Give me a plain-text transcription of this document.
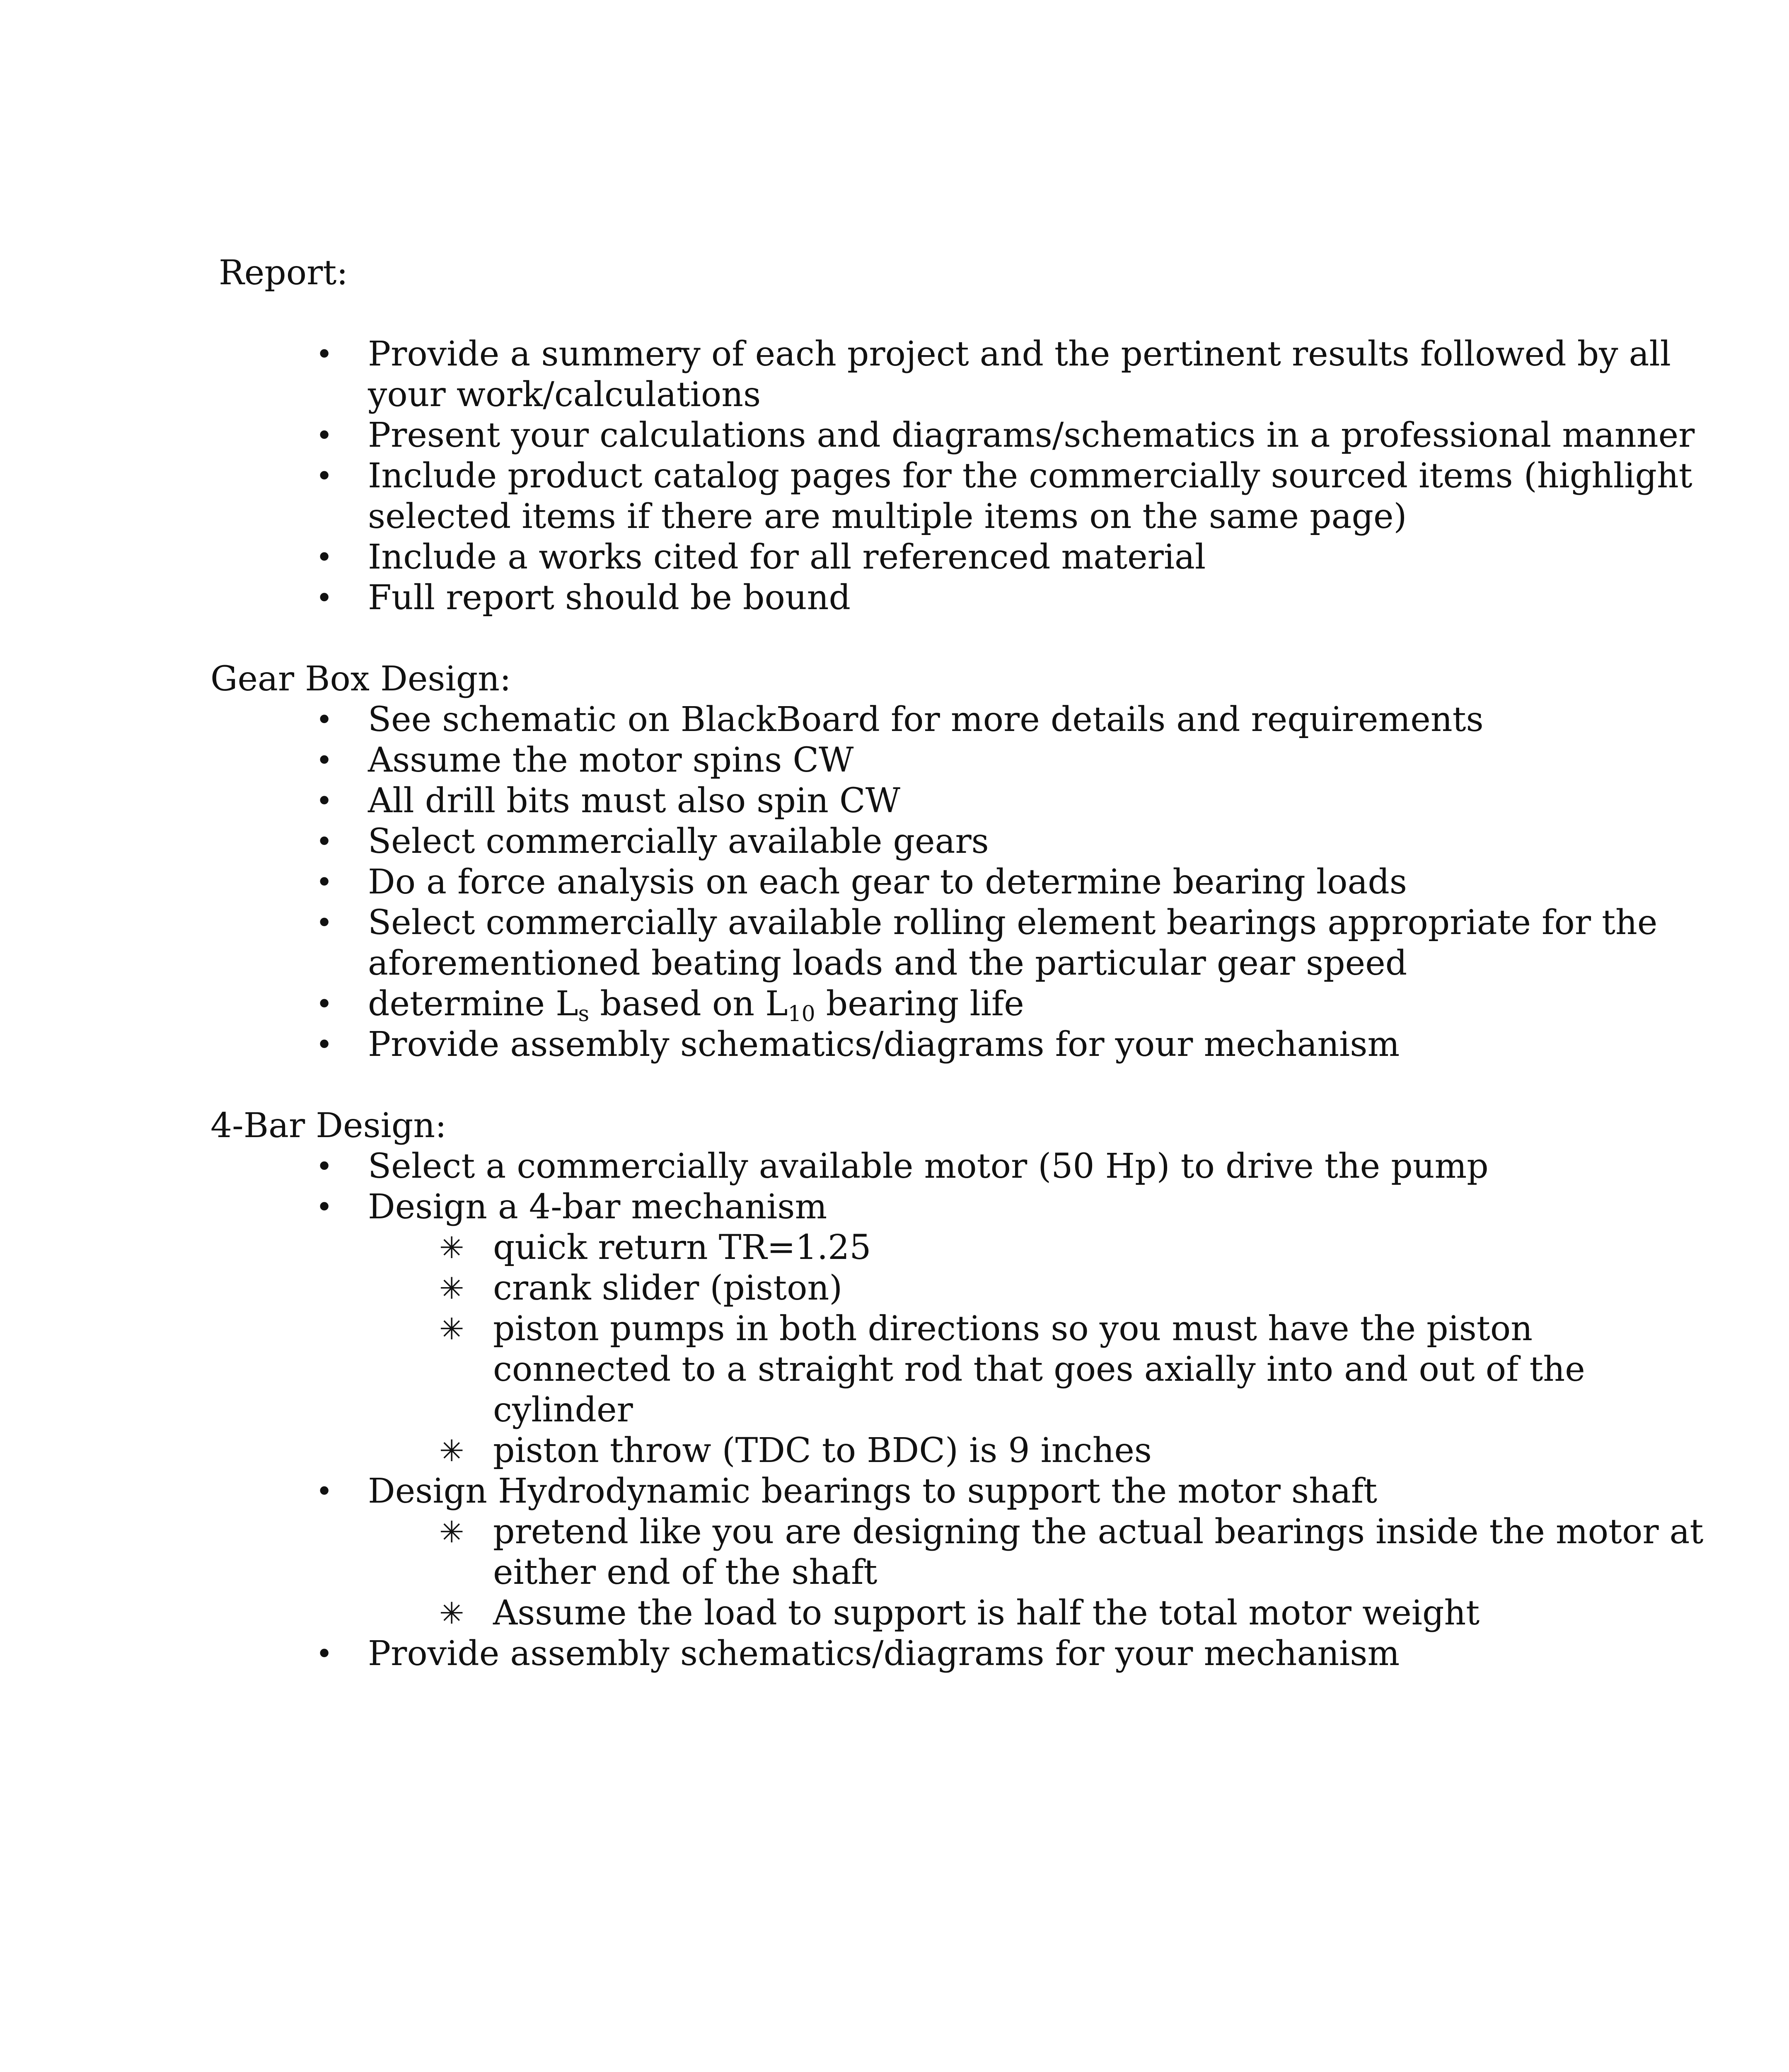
Report:
• Provide a summery of each project and the pertinent results followed by all
your work/calculations
• Present your calculations and diagrams/schematics in a professional manner
• Include product catalog pages for the commercially sourced items (highlight
selected items if there are multiple items on the same page)
• Include a works cited for all referenced material
• Full report should be bound
Gear Box Design:
• See schematic on BlackBoard for more details and requirements
• Assume the motor spins CW
• All drill bits must also spin CW
• Select commercially available gears
• Do a force analysis on each gear to determine bearing loads
• Select commercially available rolling element bearings appropriate for the
aforementioned beating loads and the particular gear speed
• determine $L_s$ based on $L_{10}$ bearing life
• Provide assembly schematics/diagrams for your mechanism
4-Bar Design:
• Select a commercially available motor (50 Hp) to drive the pump
• Design a 4-bar mechanism
✳ quick return TR=1.25
✳ crank slider (piston)
✳ piston pumps in both directions so you must have the piston
connected to a straight rod that goes axially into and out of the
cylinder
✳ piston throw (TDC to BDC) is 9 inches
• Design Hydrodynamic bearings to support the motor shaft
✳ pretend like you are designing the actual bearings inside the motor at
either end of the shaft
✳ Assume the load to support is half the total motor weight
• Provide assembly schematics/diagrams for your mechanism
